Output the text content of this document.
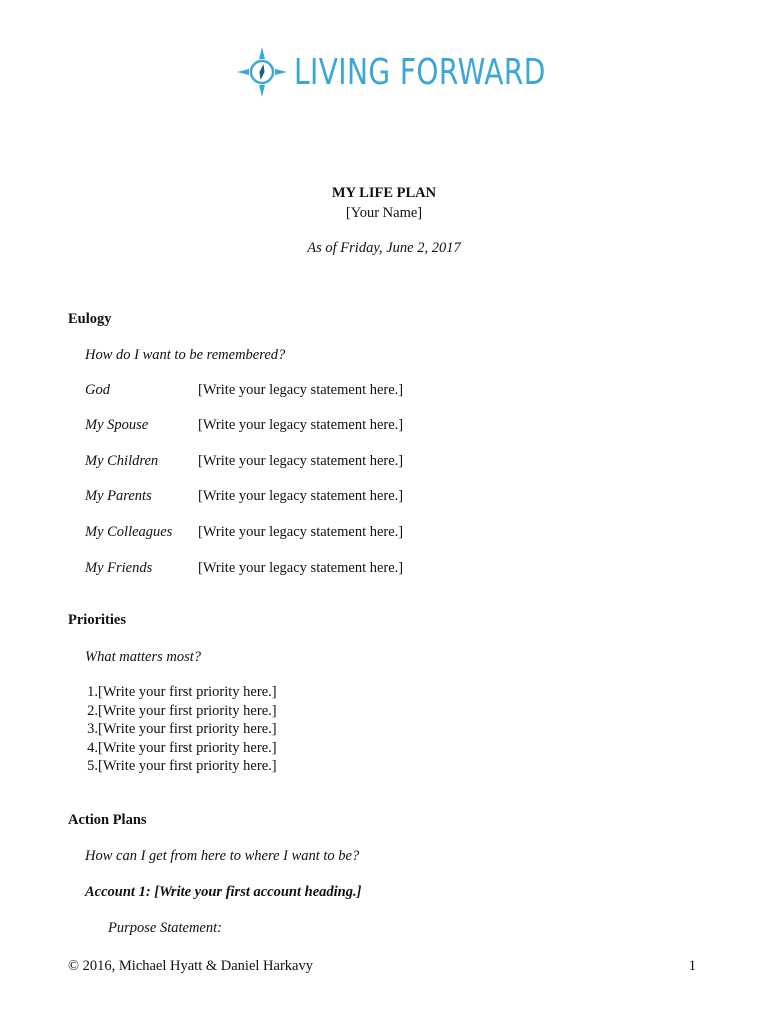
LIVING FORWARD
MY LIFE PLAN
[Your Name]
As of Friday, June 2, 2017
Eulogy
How do I want to be remembered?
God	[Write your legacy statement here.]
My Spouse	[Write your legacy statement here.]
My Children	[Write your legacy statement here.]
My Parents	[Write your legacy statement here.]
My Colleagues	[Write your legacy statement here.]
My Friends	[Write your legacy statement here.]
Priorities
What matters most?
1. [Write your first priority here.]
2. [Write your first priority here.]
3. [Write your first priority here.]
4. [Write your first priority here.]
5. [Write your first priority here.]
Action Plans
How can I get from here to where I want to be?
Account 1: [Write your first account heading.]
Purpose Statement:
© 2016, Michael Hyatt & Daniel Harkavy	1
